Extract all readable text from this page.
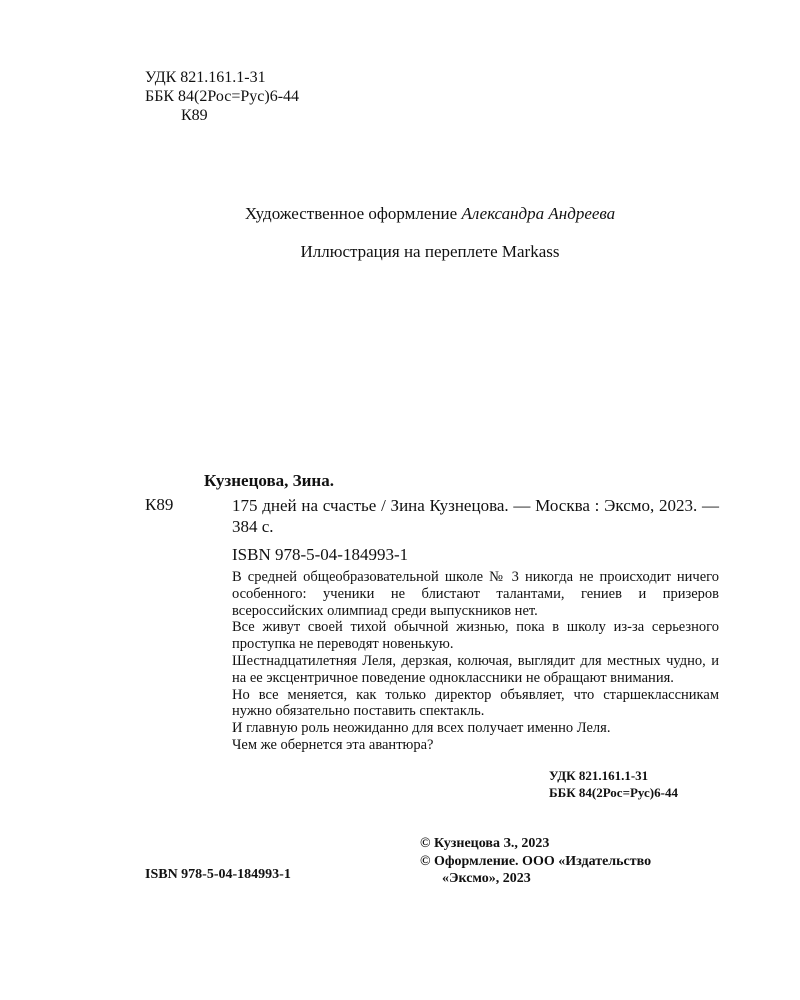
УДК 821.161.1-31
ББК 84(2Рос=Рус)6-44
К89
Художественное оформление Александра Андреева
Иллюстрация на переплете Markass
Кузнецова, Зина.
К89	175 дней на счастье / Зина Кузнецова. — Москва : Эксмо, 2023. — 384 с.
ISBN 978-5-04-184993-1

В средней общеобразовательной школе № 3 никогда не происходит ничего особенного: ученики не блистают талантами, гениев и призеров всероссийских олимпиад среди выпускников нет.

Все живут своей тихой обычной жизнью, пока в школу из-за серьезного проступка не переводят новенькую.

Шестнадцатилетняя Леля, дерзкая, колючая, выглядит для местных чудно, и на ее эксцентричное поведение одноклассники не обращают внимания.

Но все меняется, как только директор объявляет, что старшеклассникам нужно обязательно поставить спектакль.

И главную роль неожиданно для всех получает именно Леля.

Чем же обернется эта авантюра?

УДК 821.161.1-31
ББК 84(2Рос=Рус)6-44
© Кузнецова З., 2023
© Оформление. ООО «Издательство
«Эксмо», 2023
ISBN 978-5-04-184993-1
